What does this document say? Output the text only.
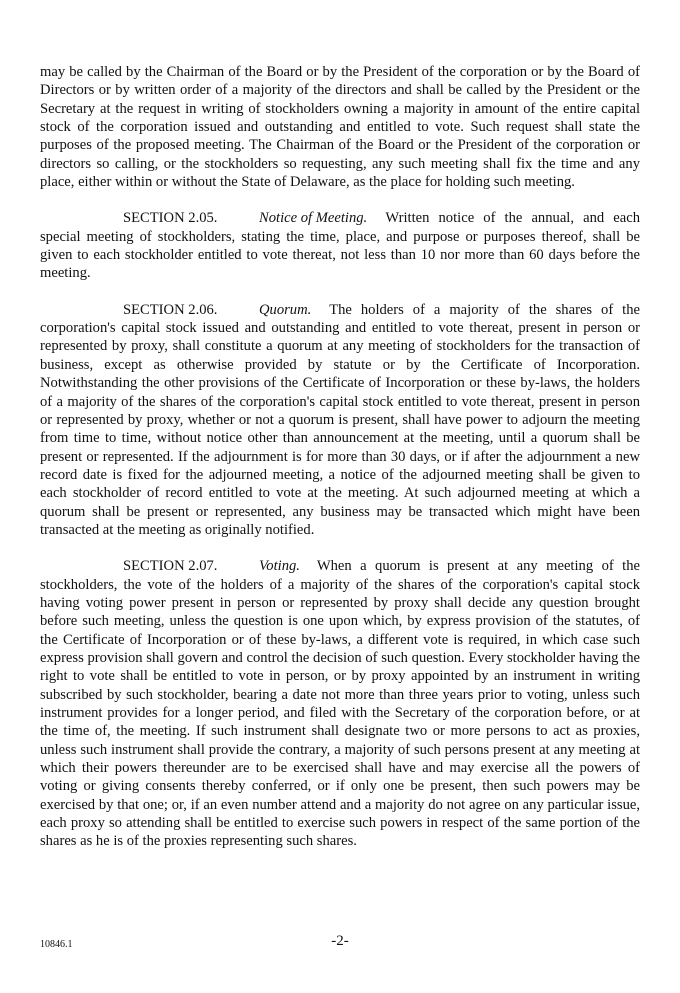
may be called by the Chairman of the Board or by the President of the corporation or by the Board of Directors or by written order of a majority of the directors and shall be called by the President or the Secretary at the request in writing of stockholders owning a majority in amount of the entire capital stock of the corporation issued and outstanding and entitled to vote. Such request shall state the purposes of the proposed meeting. The Chairman of the Board or the President of the corporation or directors so calling, or the stockholders so requesting, any such meeting shall fix the time and any place, either within or without the State of Delaware, as the place for holding such meeting.

SECTION 2.05.	Notice of Meeting. Written notice of the annual, and each special meeting of stockholders, stating the time, place, and purpose or purposes thereof, shall be given to each stockholder entitled to vote thereat, not less than 10 nor more than 60 days before the meeting.

SECTION 2.06.	Quorum. The holders of a majority of the shares of the corporation's capital stock issued and outstanding and entitled to vote thereat, present in person or represented by proxy, shall constitute a quorum at any meeting of stockholders for the transaction of business, except as otherwise provided by statute or by the Certificate of Incorporation. Notwithstanding the other provisions of the Certificate of Incorporation or these by-laws, the holders of a majority of the shares of the corporation's capital stock entitled to vote thereat, present in person or represented by proxy, whether or not a quorum is present, shall have power to adjourn the meeting from time to time, without notice other than announcement at the meeting, until a quorum shall be present or represented. If the adjournment is for more than 30 days, or if after the adjournment a new record date is fixed for the adjourned meeting, a notice of the adjourned meeting shall be given to each stockholder of record entitled to vote at the meeting. At such adjourned meeting at which a quorum shall be present or represented, any business may be transacted which might have been transacted at the meeting as originally notified.

SECTION 2.07.	Voting. When a quorum is present at any meeting of the stockholders, the vote of the holders of a majority of the shares of the corporation's capital stock having voting power present in person or represented by proxy shall decide any question brought before such meeting, unless the question is one upon which, by express provision of the statutes, of the Certificate of Incorporation or of these by-laws, a different vote is required, in which case such express provision shall govern and control the decision of such question. Every stockholder having the right to vote shall be entitled to vote in person, or by proxy appointed by an instrument in writing subscribed by such stockholder, bearing a date not more than three years prior to voting, unless such instrument provides for a longer period, and filed with the Secretary of the corporation before, or at the time of, the meeting. If such instrument shall designate two or more persons to act as proxies, unless such instrument shall provide the contrary, a majority of such persons present at any meeting at which their powers thereunder are to be exercised shall have and may exercise all the powers of voting or giving consents thereby conferred, or if only one be present, then such powers may be exercised by that one; or, if an even number attend and a majority do not agree on any particular issue, each proxy so attending shall be entitled to exercise such powers in respect of the same portion of the shares as he is of the proxies representing such shares.

10846.1	-2-
